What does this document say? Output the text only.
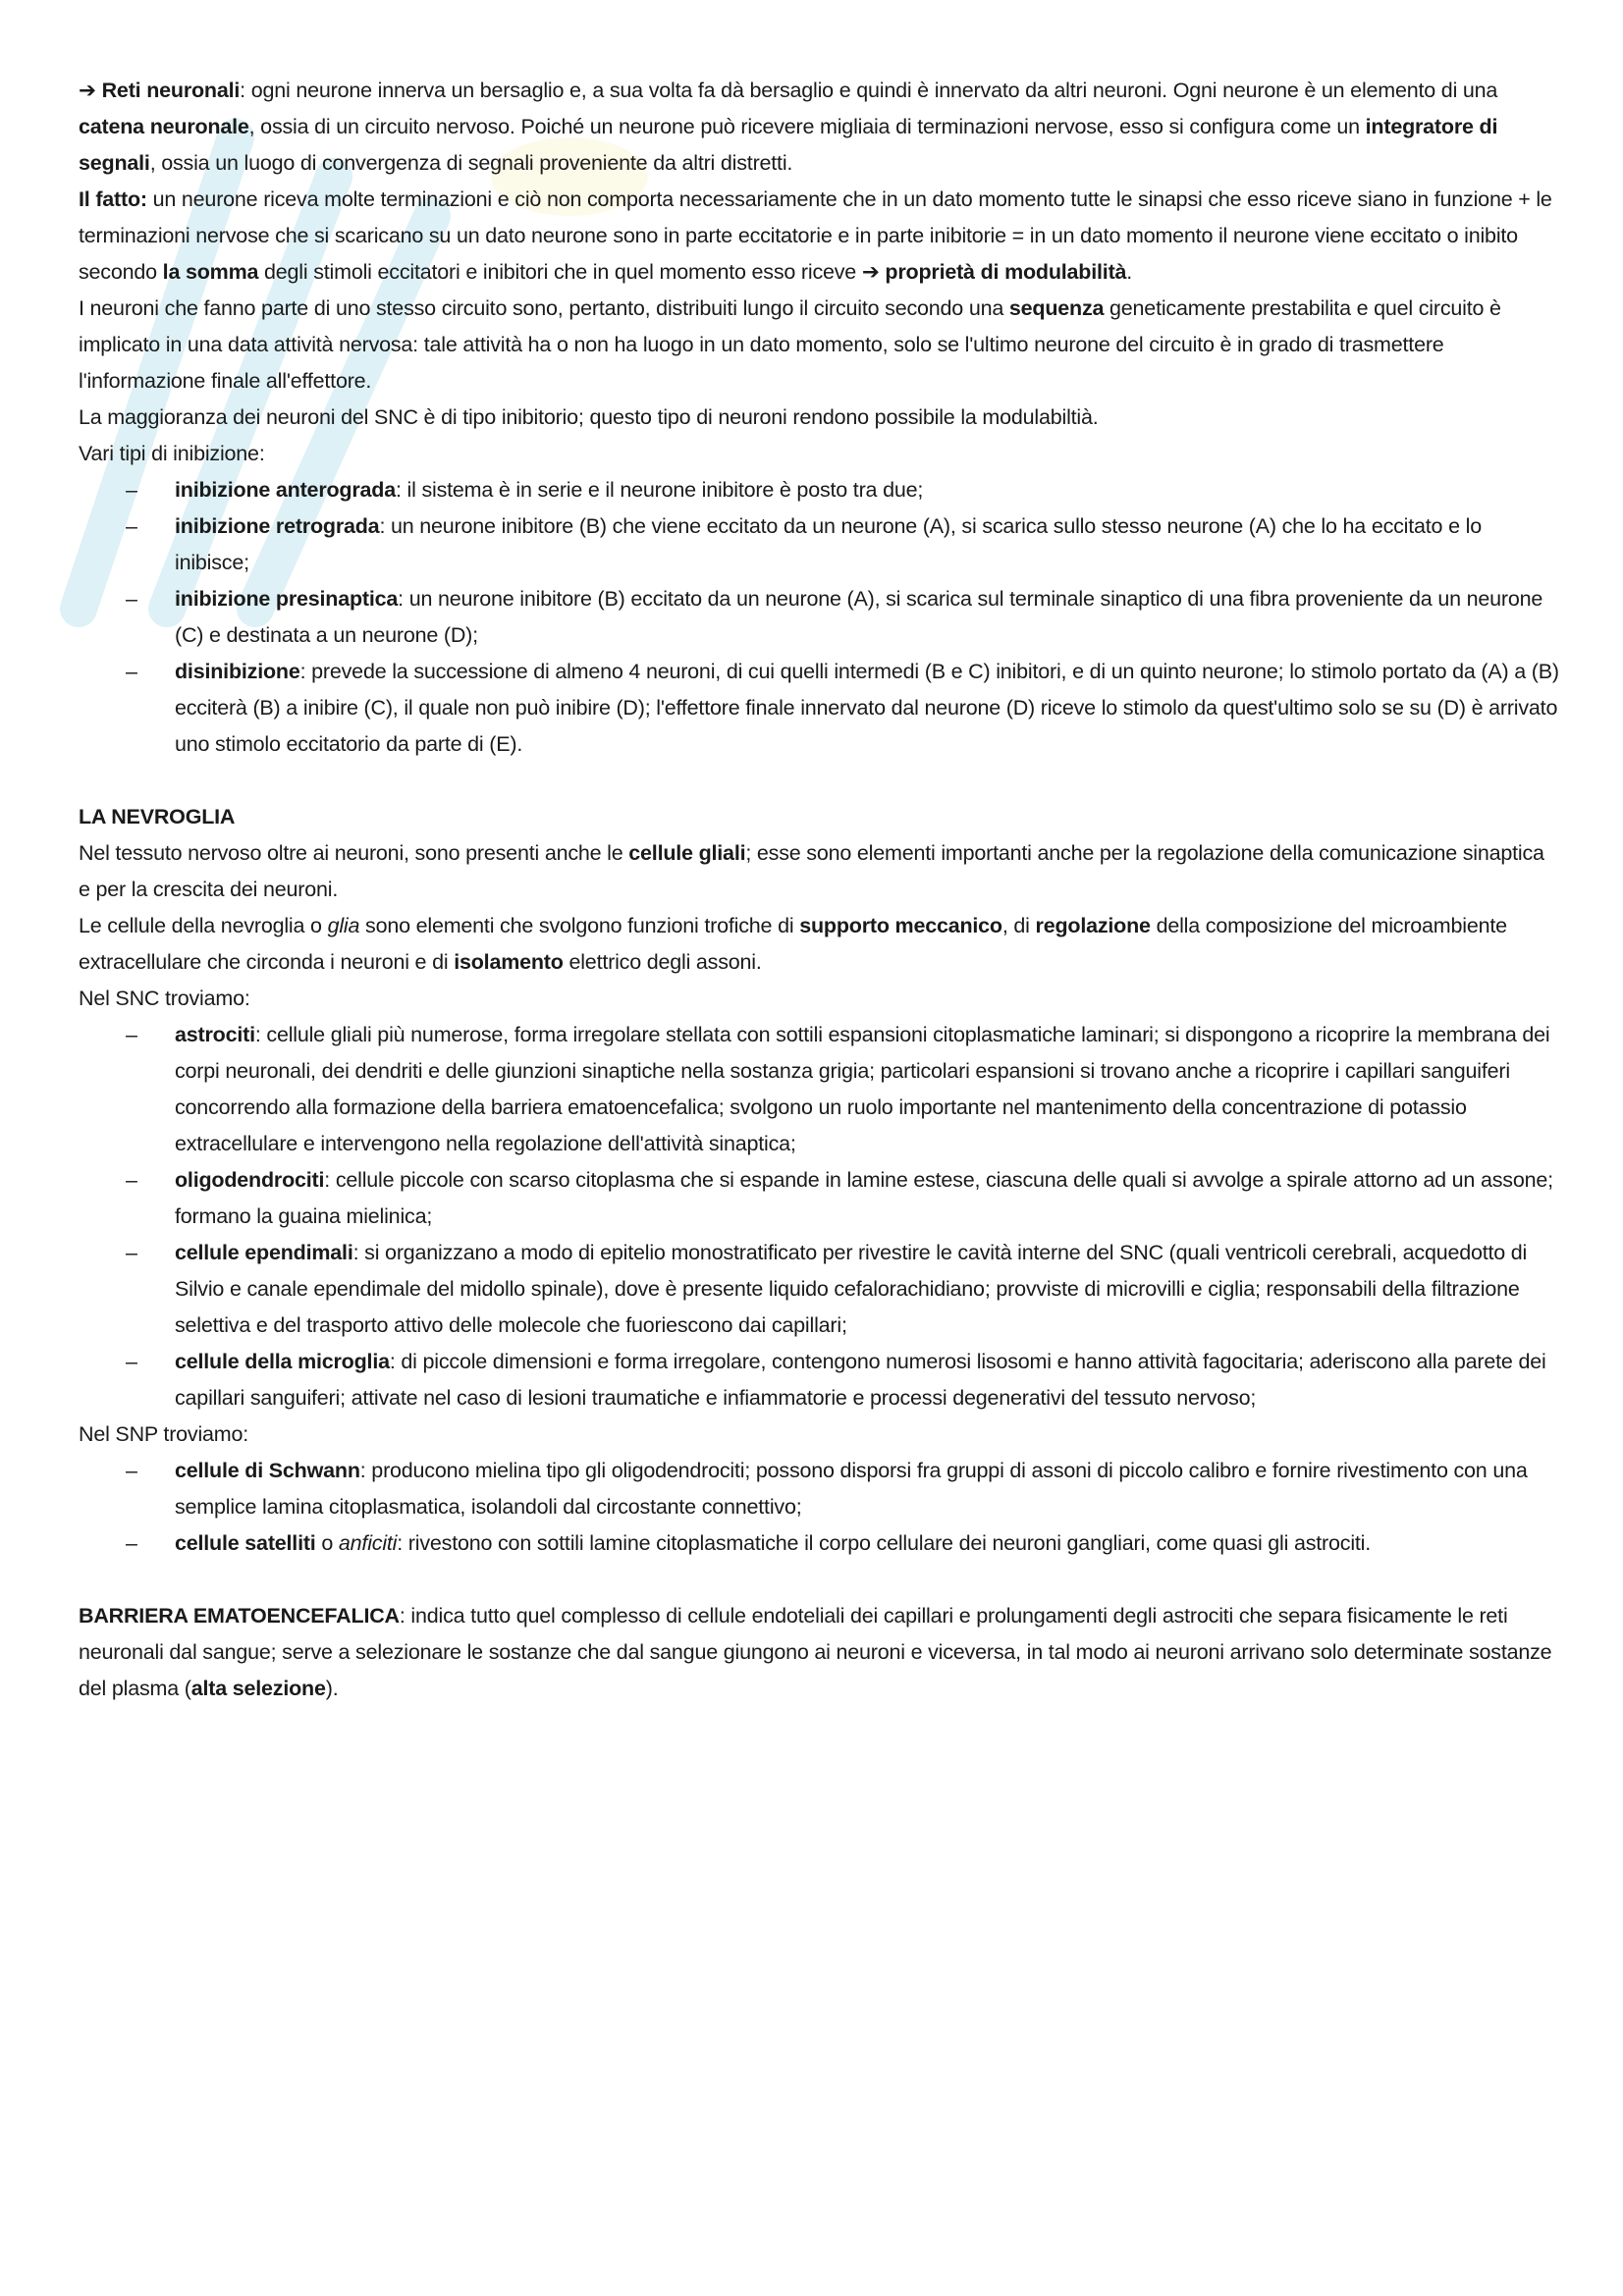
➔ Reti neuronali: ogni neurone innerva un bersaglio e, a sua volta fa dà bersaglio e quindi è innervato da altri neuroni. Ogni neurone è un elemento di una catena neuronale, ossia di un circuito nervoso. Poiché un neurone può ricevere migliaia di terminazioni nervose, esso si configura come un integratore di segnali, ossia un luogo di convergenza di segnali proveniente da altri distretti.

Il fatto: un neurone riceva molte terminazioni e ciò non comporta necessariamente che in un dato momento tutte le sinapsi che esso riceve siano in funzione + le terminazioni nervose che si scaricano su un dato neurone sono in parte eccitatorie e in parte inibitorie = in un dato momento il neurone viene eccitato o inibito secondo la somma degli stimoli eccitatori e inibitori che in quel momento esso riceve ➔ proprietà di modulabilità.

I neuroni che fanno parte di uno stesso circuito sono, pertanto, distribuiti lungo il circuito secondo una sequenza geneticamente prestabilita e quel circuito è implicato in una data attività nervosa: tale attività ha o non ha luogo in un dato momento, solo se l'ultimo neurone del circuito è in grado di trasmettere l'informazione finale all'effettore.

La maggioranza dei neuroni del SNC è di tipo inibitorio; questo tipo di neuroni rendono possibile la modulabiltià.

Vari tipi di inibizione:

– inibizione anterograda: il sistema è in serie e il neurone inibitore è posto tra due;
– inibizione retrograda: un neurone inibitore (B) che viene eccitato da un neurone (A), si scarica sullo stesso neurone (A) che lo ha eccitato e lo inibisce;
– inibizione presinaptica: un neurone inibitore (B) eccitato da un neurone (A), si scarica sul terminale sinaptico di una fibra proveniente da un neurone (C) e destinata a un neurone (D);
– disinibizione: prevede la successione di almeno 4 neuroni, di cui quelli intermedi (B e C) inibitori, e di un quinto neurone; lo stimolo portato da (A) a (B) ecciterà (B) a inibire (C), il quale non può inibire (D); l'effettore finale innervato dal neurone (D) riceve lo stimolo da quest'ultimo solo se su (D) è arrivato uno stimolo eccitatorio da parte di (E).

LA NEVROGLIA

Nel tessuto nervoso oltre ai neuroni, sono presenti anche le cellule gliali; esse sono elementi importanti anche per la regolazione della comunicazione sinaptica e per la crescita dei neuroni.

Le cellule della nevroglia o glia sono elementi che svolgono funzioni trofiche di supporto meccanico, di regolazione della composizione del microambiente extracellulare che circonda i neuroni e di isolamento elettrico degli assoni.

Nel SNC troviamo:

– astrociti: cellule gliali più numerose, forma irregolare stellata con sottili espansioni citoplasmatiche laminari; si dispongono a ricoprire la membrana dei corpi neuronali, dei dendriti e delle giunzioni sinaptiche nella sostanza grigia; particolari espansioni si trovano anche a ricoprire i capillari sanguiferi concorrendo alla formazione della barriera ematoencefalica; svolgono un ruolo importante nel mantenimento della concentrazione di potassio extracellulare e intervengono nella regolazione dell'attività sinaptica;
– oligodendrociti: cellule piccole con scarso citoplasma che si espande in lamine estese, ciascuna delle quali si avvolge a spirale attorno ad un assone; formano la guaina mielinica;
– cellule ependimali: si organizzano a modo di epitelio monostratificato per rivestire le cavità interne del SNC (quali ventricoli cerebrali, acquedotto di Silvio e canale ependimale del midollo spinale), dove è presente liquido cefalorachidiano; provviste di microvilli e ciglia; responsabili della filtrazione selettiva e del trasporto attivo delle molecole che fuoriescono dai capillari;
– cellule della microglia: di piccole dimensioni e forma irregolare, contengono numerosi lisosomi e hanno attività fagocitaria; aderiscono alla parete dei capillari sanguiferi; attivate nel caso di lesioni traumatiche e infiammatorie e processi degenerativi del tessuto nervoso;

Nel SNP troviamo:

– cellule di Schwann: producono mielina tipo gli oligodendrociti; possono disporsi fra gruppi di assoni di piccolo calibro e fornire rivestimento con una semplice lamina citoplasmatica, isolandoli dal circostante connettivo;
– cellule satelliti o anficiti: rivestono con sottili lamine citoplasmatiche il corpo cellulare dei neuroni gangliari, come quasi gli astrociti.

BARRIERA EMATOENCEFALICA: indica tutto quel complesso di cellule endoteliali dei capillari e prolungamenti degli astrociti che separa fisicamente le reti neuronali dal sangue; serve a selezionare le sostanze che dal sangue giungono ai neuroni e viceversa, in tal modo ai neuroni arrivano solo determinate sostanze del plasma (alta selezione).
